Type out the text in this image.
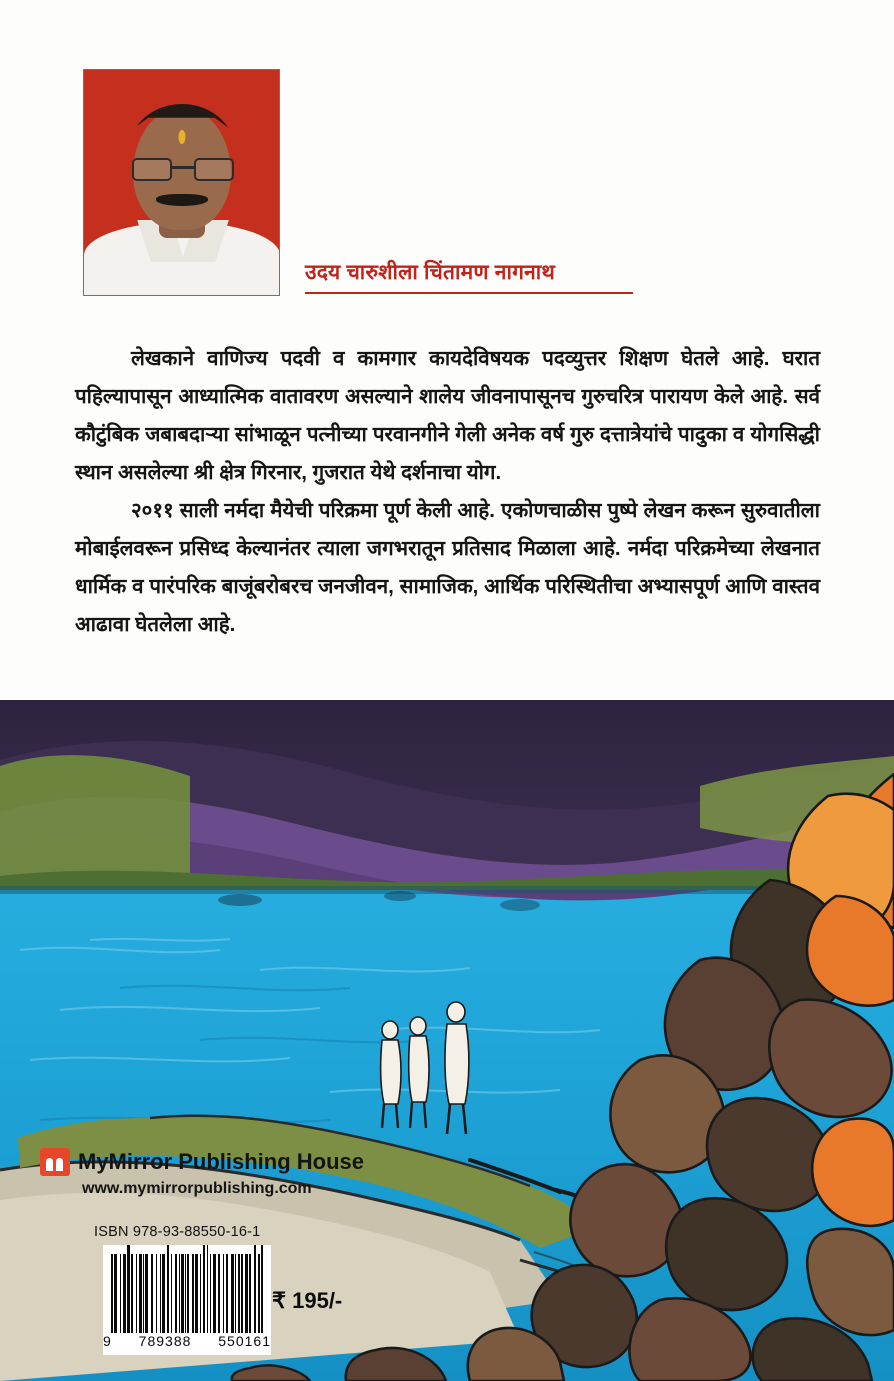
उदय चारुशीला चिंतामण नागनाथ

लेखकाने वाणिज्य पदवी व कामगार कायदेविषयक पदव्युत्तर शिक्षण घेतले आहे. घरात पहिल्यापासून आध्यात्मिक वातावरण असल्याने शालेय जीवनापासूनच गुरुचरित्र पारायण केले आहे. सर्व कौटुंबिक जबाबदाऱ्या सांभाळून पत्नीच्या परवानगीने गेली अनेक वर्ष गुरु दत्तात्रेयांचे पादुका व योगसिद्धी स्थान असलेल्या श्री क्षेत्र गिरनार, गुजरात येथे दर्शनाचा योग.

२०११ साली नर्मदा मैयेची परिक्रमा पूर्ण केली आहे. एकोणचाळीस पुष्पे लेखन करून सुरुवातीला मोबाईलवरून प्रसिध्द केल्यानंतर त्याला जगभरातून प्रतिसाद मिळाला आहे. नर्मदा परिक्रमेच्या लेखनात धार्मिक व पारंपरिक बाजूंबरोबरच जनजीवन, सामाजिक, आर्थिक परिस्थितीचा अभ्यासपूर्ण आणि वास्तव आढावा घेतलेला आहे.

MyMirror Publishing House
www.mymirrorpublishing.com
ISBN 978-93-88550-16-1
9 789388 550161
₹ 195/-
